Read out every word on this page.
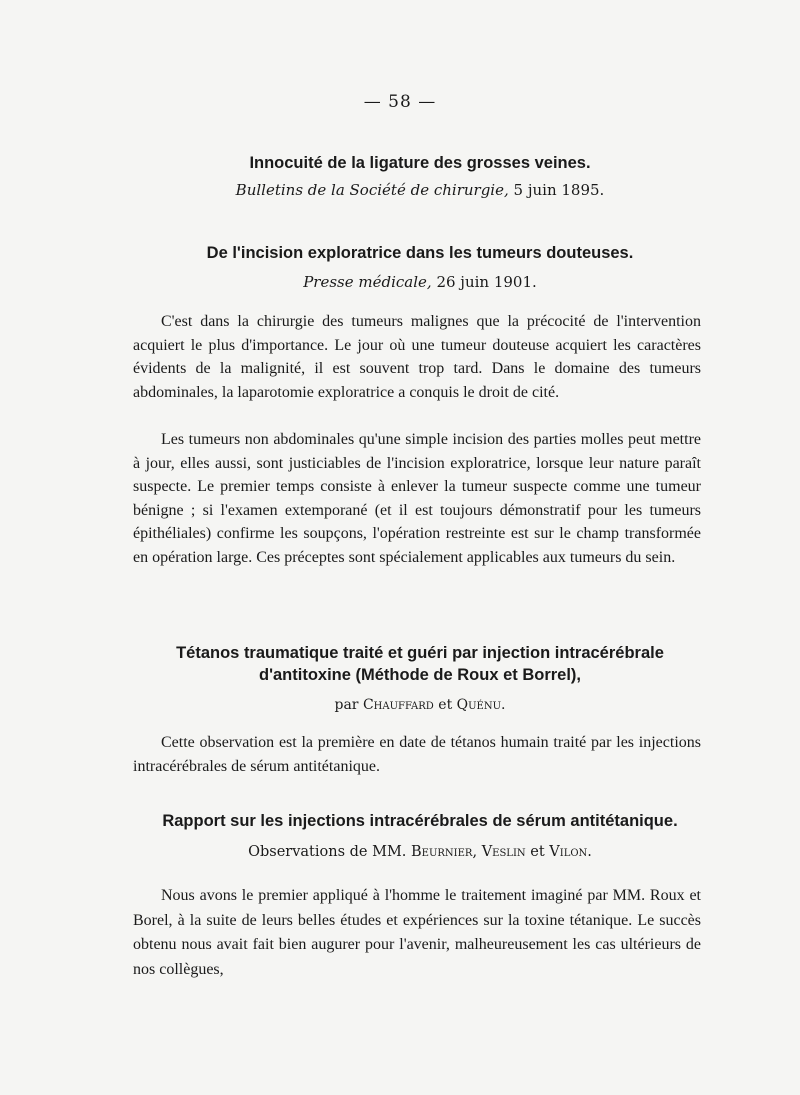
— 58 —
Innocuité de la ligature des grosses veines.
Bulletins de la Société de chirurgie, 5 juin 1895.
De l'incision exploratrice dans les tumeurs douteuses.
Presse médicale, 26 juin 1901.
C'est dans la chirurgie des tumeurs malignes que la précocité de l'intervention acquiert le plus d'importance. Le jour où une tumeur douteuse acquiert les caractères évidents de la malignité, il est souvent trop tard. Dans le domaine des tumeurs abdominales, la laparotomie exploratrice a conquis le droit de cité.
Les tumeurs non abdominales qu'une simple incision des parties molles peut mettre à jour, elles aussi, sont justiciables de l'incision exploratrice, lorsque leur nature paraît suspecte. Le premier temps consiste à enlever la tumeur suspecte comme une tumeur bénigne ; si l'examen extemporané (et il est toujours démonstratif pour les tumeurs épithéliales) confirme les soupçons, l'opération restreinte est sur le champ transformée en opération large. Ces préceptes sont spécialement applicables aux tumeurs du sein.
Tétanos traumatique traité et guéri par injection intracérébrale
d'antitoxine (Méthode de Roux et Borrel),
par Chauffard et Quénu.
Cette observation est la première en date de tétanos humain traité par les injections intracérébrales de sérum antitétanique.
Rapport sur les injections intracérébrales de sérum antitétanique.
Observations de MM. Beurnier, Veslin et Vilon.
Nous avons le premier appliqué à l'homme le traitement imaginé par MM. Roux et Borel, à la suite de leurs belles études et expériences sur la toxine tétanique. Le succès obtenu nous avait fait bien augurer pour l'avenir, malheureusement les cas ultérieurs de nos collègues,
